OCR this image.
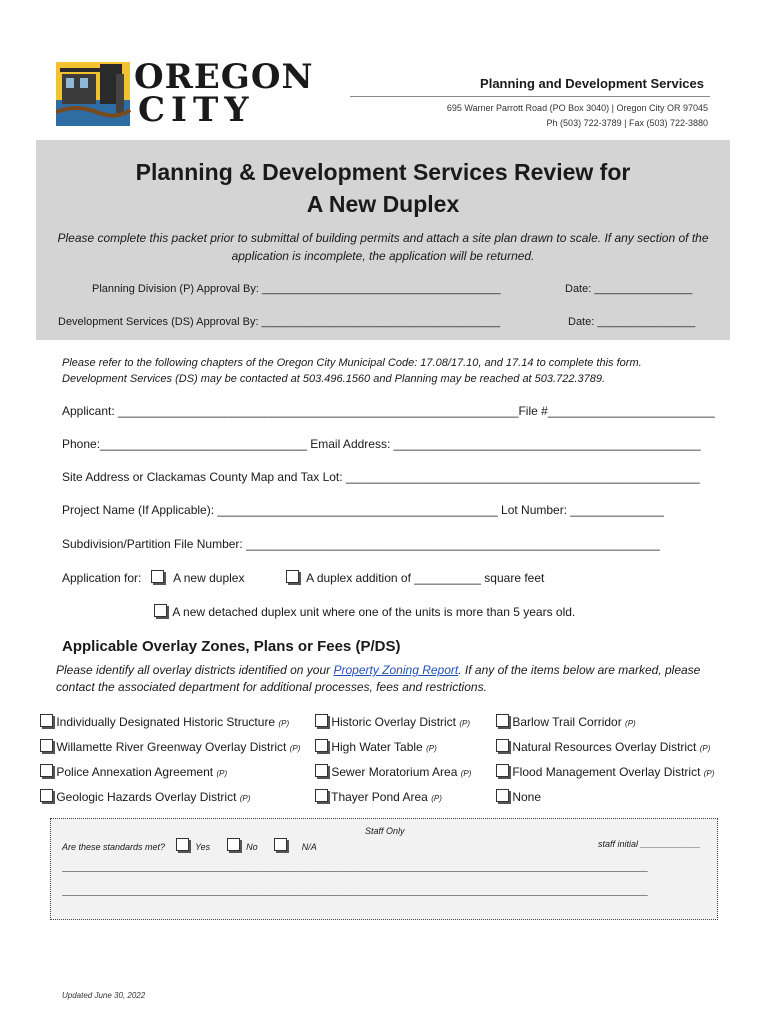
OREGON
CITY
Planning and Development Services
695 Warner Parrott Road (PO Box 3040) | Oregon City OR 97045
Ph (503) 722-3789 | Fax (503) 722-3880
Planning & Development Services Review for
A New Duplex
Please complete this packet prior to submittal of building permits and attach a site plan drawn to scale. If any section of the application is incomplete, the application will be returned.
Planning Division (P) Approval By: _______________________________________	Date: ________________
Development Services (DS) Approval By: _______________________________________	Date: ________________
Please refer to the following chapters of the Oregon City Municipal Code: 17.08/17.10, and 17.14 to complete this form. Development Services (DS) may be contacted at 503.496.1560 and Planning may be reached at 503.722.3789.
Applicant: ____________________________________________________________File #_________________________
Phone:_______________________________ Email Address: ______________________________________________
Site Address or Clackamas County Map and Tax Lot: _____________________________________________________
Project Name (If Applicable): __________________________________________ Lot Number: ______________
Subdivision/Partition File Number: ______________________________________________________________
Application for:	A new duplex	A duplex addition of __________ square feet
A new detached duplex unit where one of the units is more than 5 years old.
Applicable Overlay Zones, Plans or Fees (P/DS)
Please identify all overlay districts identified on your Property Zoning Report. If any of the items below are marked, please contact the associated department for additional processes, fees and restrictions.
Individually Designated Historic Structure (P)
Willamette River Greenway Overlay District (P)
Police Annexation Agreement (P)
Geologic Hazards Overlay District (P)
Historic Overlay District (P)
High Water Table (P)
Sewer Moratorium Area (P)
Thayer Pond Area (P)
Barlow Trail Corridor (P)
Natural Resources Overlay District (P)
Flood Management Overlay District (P)
None
Staff Only
Are these standards met?	Yes	No	N/A	staff initial ____________
_____________________________________________________________________________________________________________________
_____________________________________________________________________________________________________________________
Updated June 30, 2022
